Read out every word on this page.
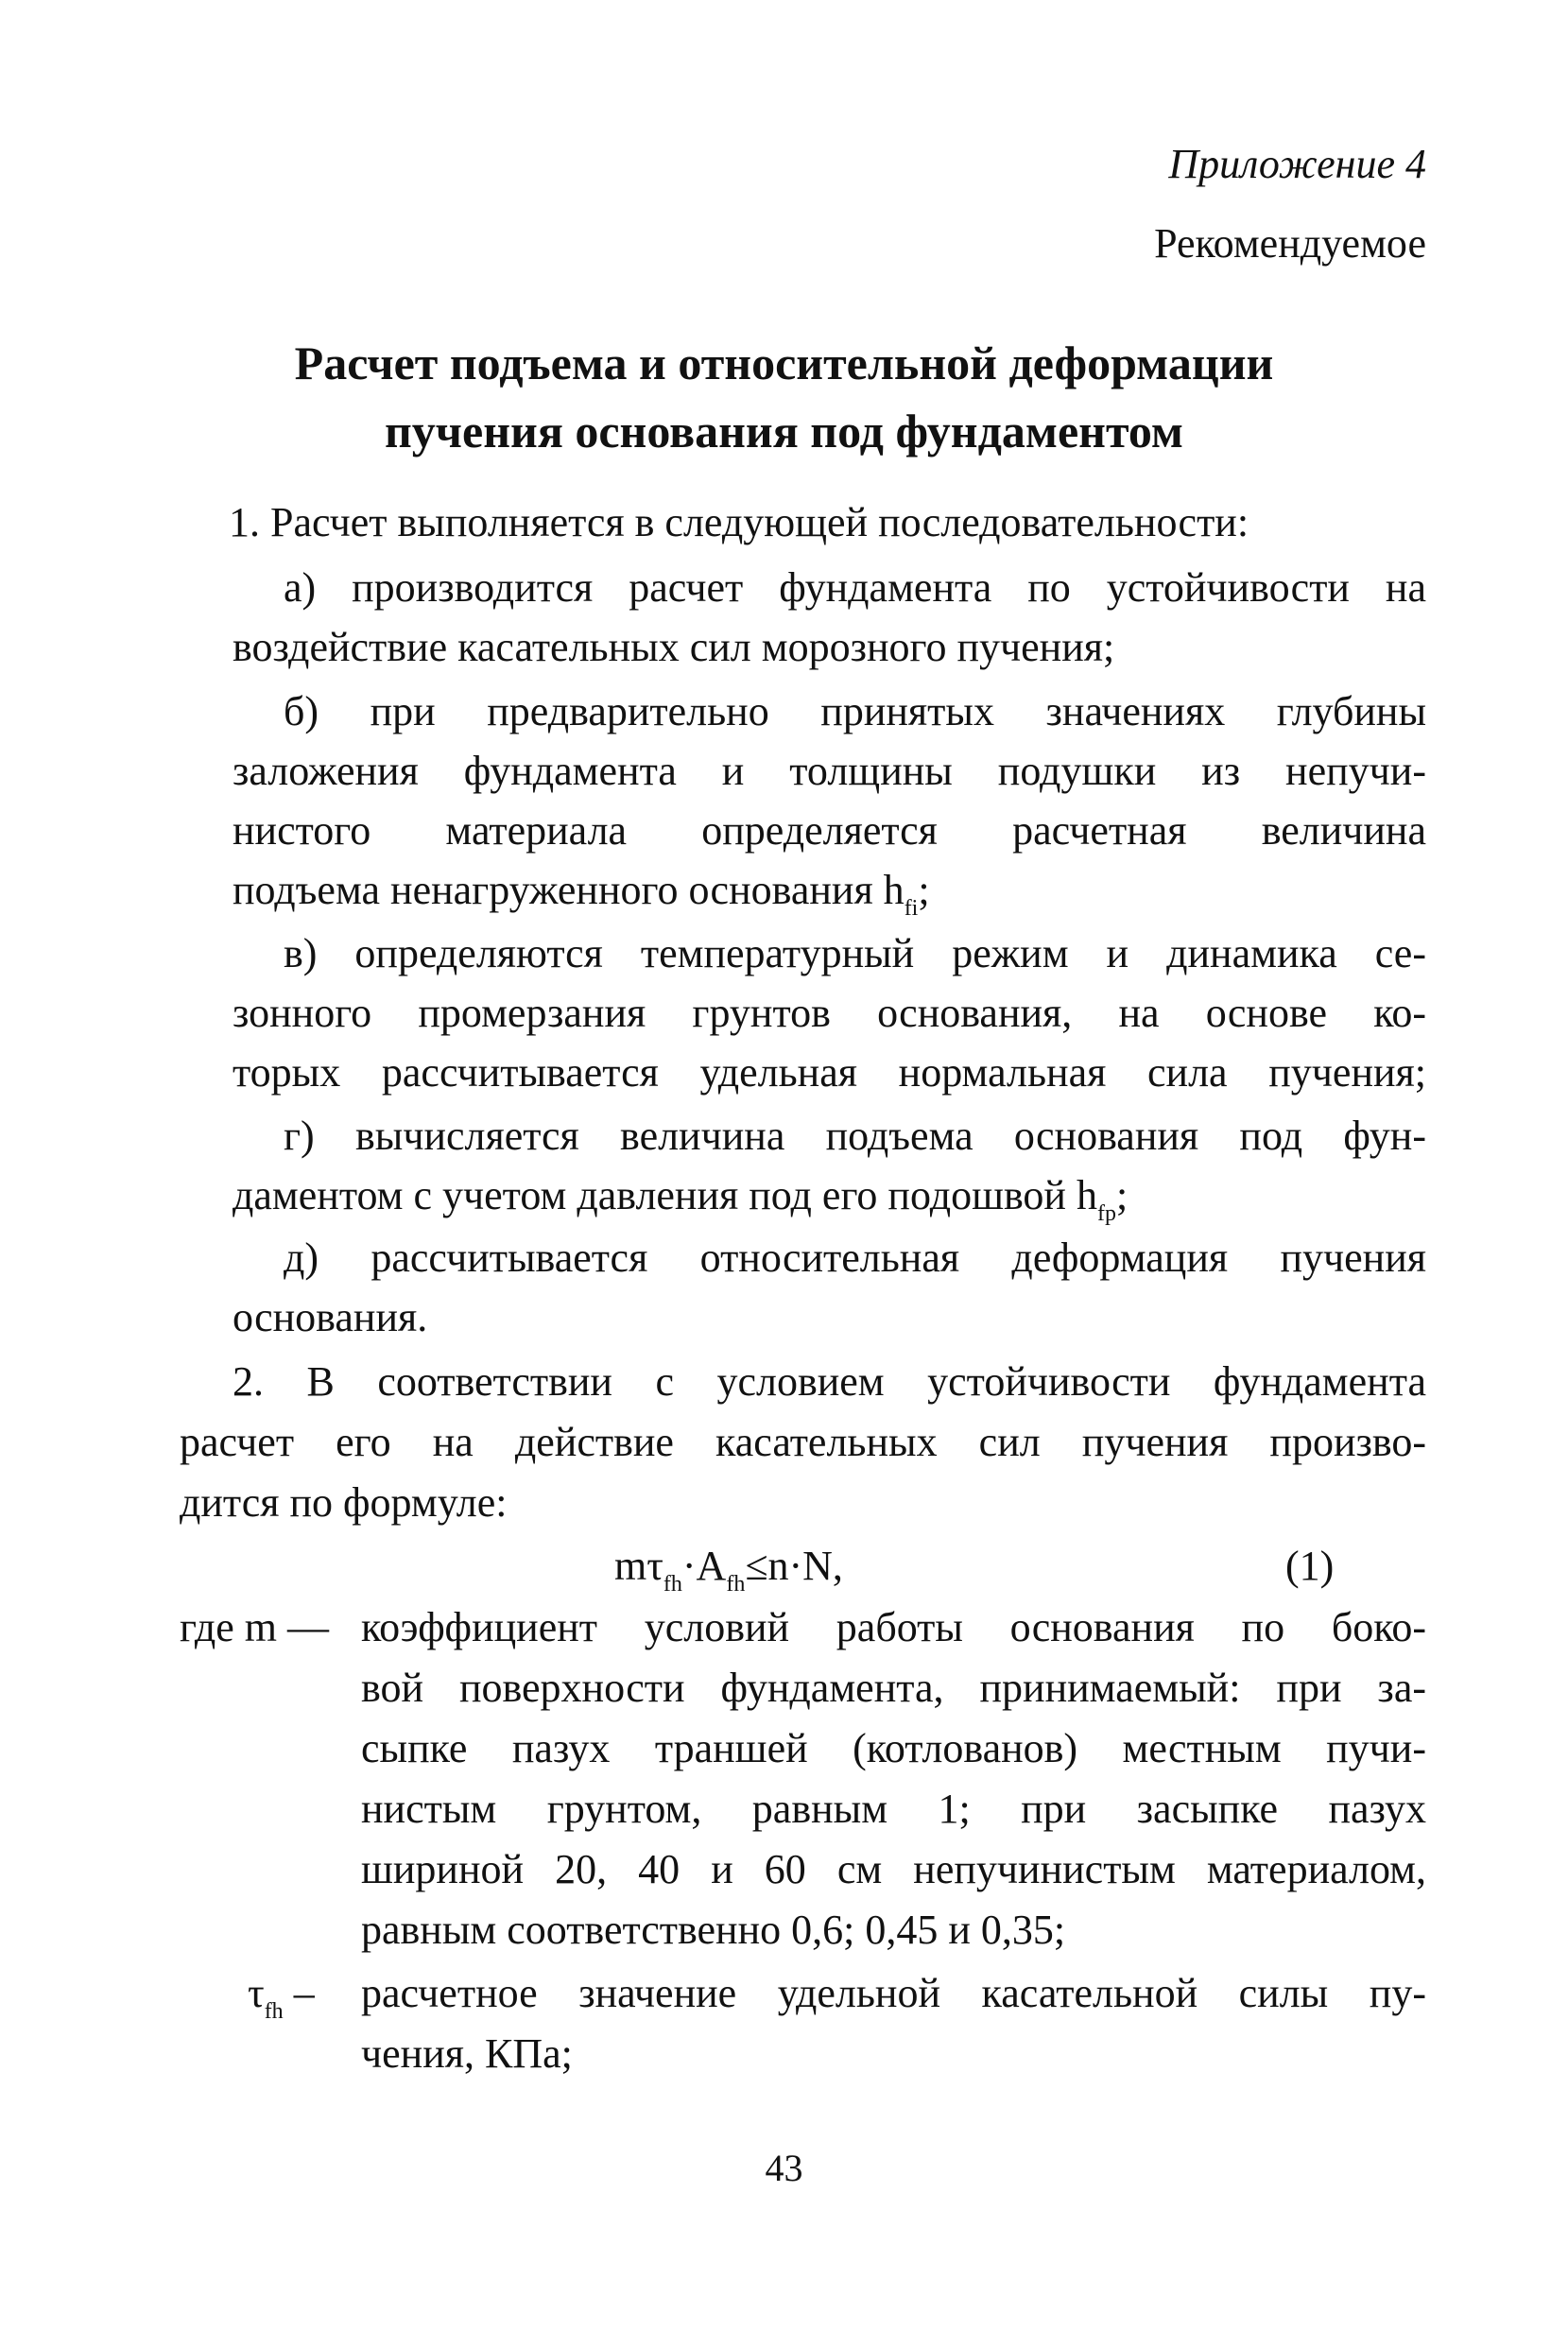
Приложение 4

Рекомендуемое

Расчет подъема и относительной деформации
пучения основания под фундаментом

1. Расчет выполняется в следующей последовательности:

а) производится расчет фундамента по устойчивости на

воздействие касательных сил морозного пучения;

б) при предварительно принятых значениях глубины

заложения фундамента и толщины подушки из непучи-

нистого материала определяется расчетная величина

подъема ненагруженного основания $h_{fi}$;

в) определяются температурный режим и динамика се-

зонного промерзания грунтов основания, на основе ко-

торых рассчитывается удельная нормальная сила пучения;

г) вычисляется величина подъема основания под фун-

даментом с учетом давления под его подошвой $h_{fp}$;

д) рассчитывается относительная деформация пучения

основания.

2. В соответствии с условием устойчивости фундамента

расчет его на действие касательных сил пучения произво-

дится по формуле:

$m\tau_{fh}\cdot A_{fh}\le n\cdot N$,	(1)

где m — коэффициент условий работы основания по боко-

вой поверхности фундамента, принимаемый: при за-

сыпке пазух траншей (котлованов) местным пучи-

нистым грунтом, равным 1; при засыпке пазух

шириной 20, 40 и 60 см непучинистым материалом,

равным соответственно 0,6; 0,45 и 0,35;

$\tau_{fh}$ – расчетное значение удельной касательной силы пу-

чения, КПа;

43
